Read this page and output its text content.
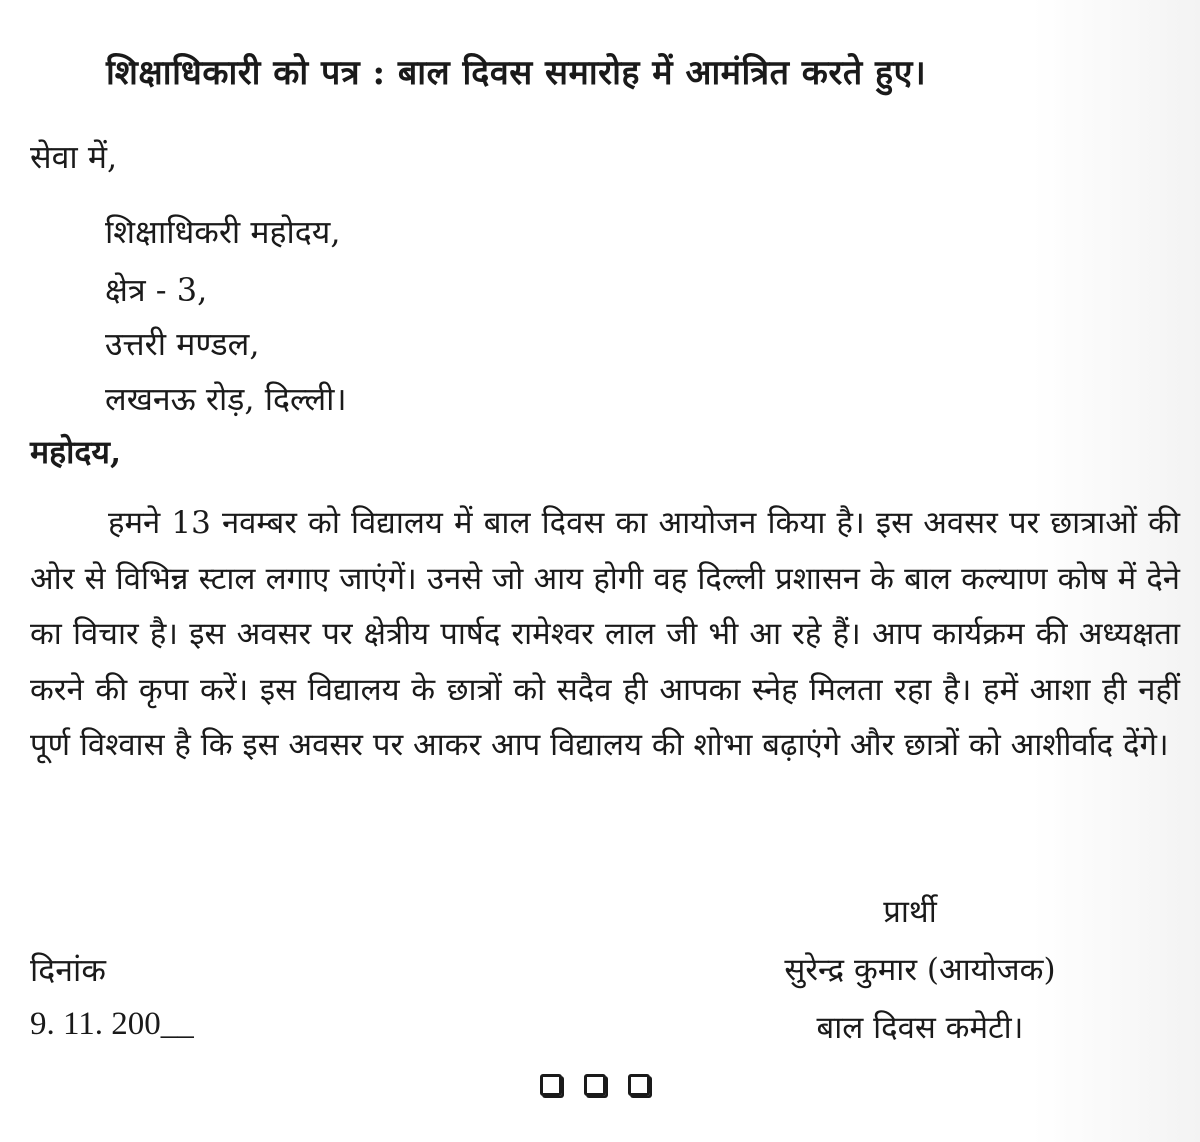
शिक्षाधिकारी को पत्र : बाल दिवस समारोह में आमंत्रित करते हुए।
सेवा में,
शिक्षाधिकरी महोदय,
क्षेत्र - 3,
उत्तरी मण्डल,
लखनऊ रोड़, दिल्ली।
महोदय,

हमने 13 नवम्बर को विद्यालय में बाल दिवस का आयोजन किया है। इस अवसर पर छात्राओं की ओर से विभिन्न स्टाल लगाए जाएंगें। उनसे जो आय होगी वह दिल्ली प्रशासन के बाल कल्याण कोष में देने का विचार है। इस अवसर पर क्षेत्रीय पार्षद रामेश्वर लाल जी भी आ रहे हैं। आप कार्यक्रम की अध्यक्षता करने की कृपा करें। इस विद्यालय के छात्रों को सदैव ही आपका स्नेह मिलता रहा है। हमें आशा ही नहीं पूर्ण विश्वास है कि इस अवसर पर आकर आप विद्यालय की शोभा बढ़ाएंगे और छात्रों को आशीर्वाद देंगे।

प्रार्थी
दिनांक	सुरेन्द्र कुमार (आयोजक)
9. 11. 200__	बाल दिवस कमेटी।
